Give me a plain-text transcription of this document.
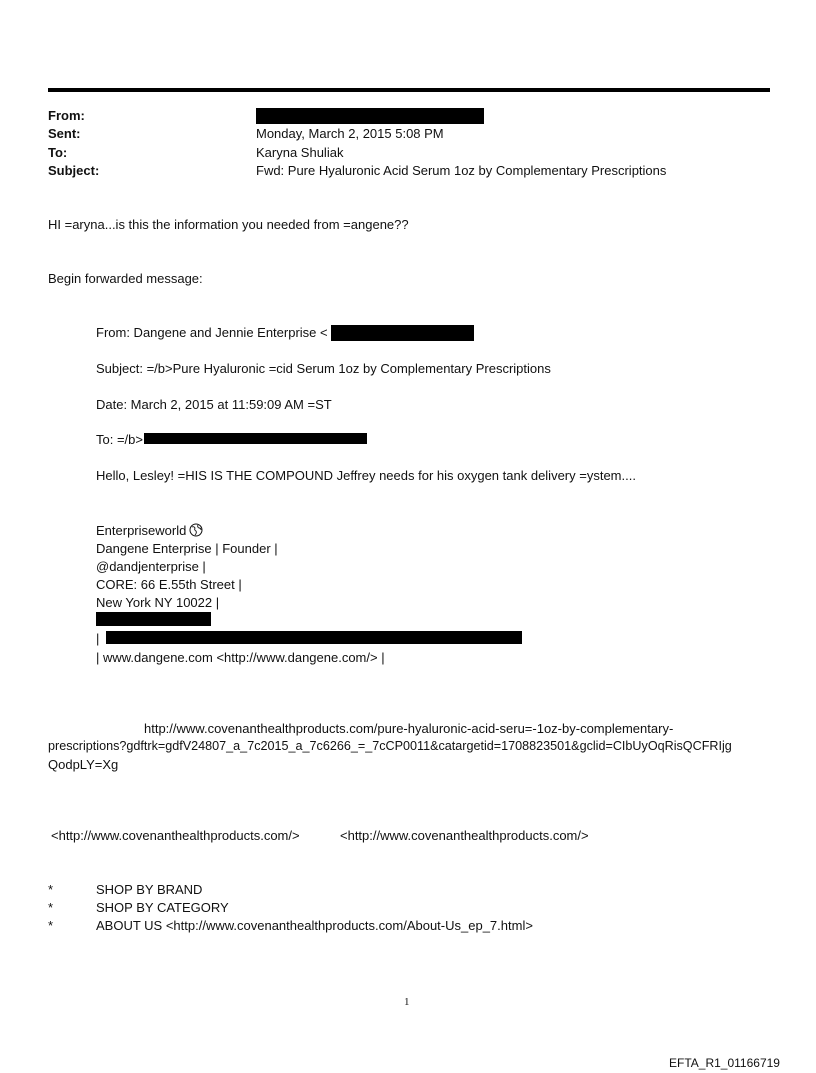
From:
Sent:	Monday, March 2, 2015 5:08 PM
To:	Karyna Shuliak
Subject:	Fwd: Pure Hyaluronic Acid Serum 1oz by Complementary Prescriptions
HI =aryna...is this the information you needed from =angene??
Begin forwarded message:
From: Dangene and Jennie Enterprise <
Subject: =/b>Pure Hyaluronic =cid Serum 1oz by Complementary Prescriptions
Date: March 2, 2015 at 11:59:09 AM =ST
To: =/b>
Hello, Lesley! =HIS IS THE COMPOUND Jeffrey needs for his oxygen tank delivery =ystem....
Enterpriseworld
Dangene Enterprise | Founder |
@dandjenterprise |
CORE: 66 E.55th Street |
New York NY 10022 |
|
| www.dangene.com <http://www.dangene.com/> |
http://www.covenanthealthproducts.com/pure-hyaluronic-acid-seru=-1oz-by-complementary-
prescriptions?gdftrk=gdfV24807_a_7c2015_a_7c6266_=_7cCP0011&catargetid=1708823501&gclid=CIbUyOqRisQCFRIjg
QodpLY=Xg
<http://www.covenanthealthproducts.com/>	<http://www.covenanthealthproducts.com/>
*	SHOP BY BRAND
*	SHOP BY CATEGORY
*	ABOUT US <http://www.covenanthealthproducts.com/About-Us_ep_7.html>
1
EFTA_R1_01166719
